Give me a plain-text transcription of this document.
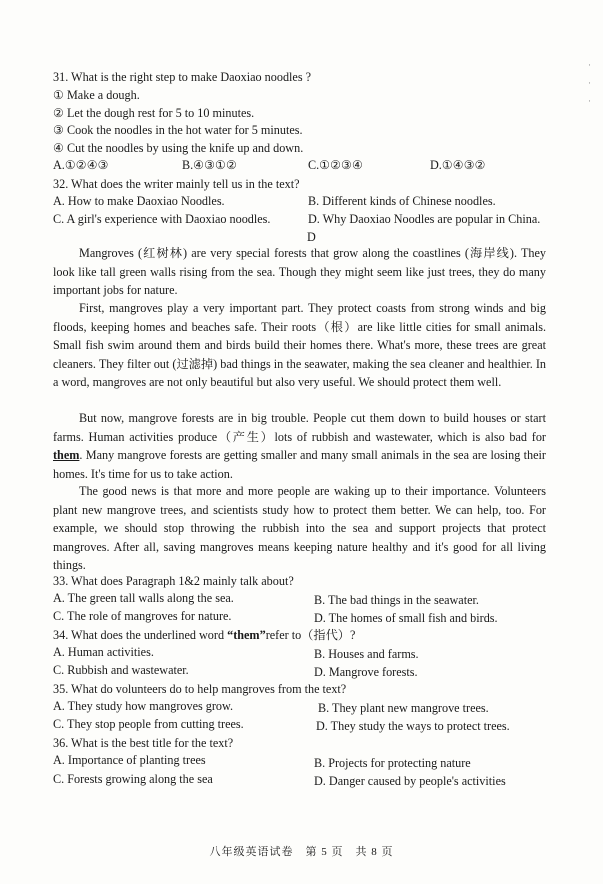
31. What is the right step to make Daoxiao noodles ?
① Make a dough.
② Let the dough rest for 5 to 10 minutes.
③ Cook the noodles in the hot water for 5 minutes.
④ Cut the noodles by using the knife up and down.
A.①②④③	B.④③①②	C.①②③④	D.①④③②
32. What does the writer mainly tell us in the text?
A. How to make Daoxiao Noodles.	B. Different kinds of Chinese noodles.
C. A girl's experience with Daoxiao noodles.	D. Why Daoxiao Noodles are popular in China.
D
Mangroves (红树林) are very special forests that grow along the coastlines (海岸线). They look like tall green walls rising from the sea. Though they might seem like just trees, they do many important jobs for nature.
First, mangroves play a very important part. They protect coasts from strong winds and big floods, keeping homes and beaches safe. Their roots（根）are like little cities for small animals. Small fish swim around them and birds build their homes there. What's more, these trees are great cleaners. They filter out (过滤掉) bad things in the seawater, making the sea cleaner and healthier. In a word, mangroves are not only beautiful but also very useful. We should protect them well.
But now, mangrove forests are in big trouble. People cut them down to build houses or start farms. Human activities produce（产生）lots of rubbish and wastewater, which is also bad for them. Many mangrove forests are getting smaller and many small animals in the sea are losing their homes. It's time for us to take action.
The good news is that more and more people are waking up to their importance. Volunteers plant new mangrove trees, and scientists study how to protect them better. We can help, too. For example, we should stop throwing the rubbish into the sea and support projects that protect mangroves. After all, saving mangroves means keeping nature healthy and it's good for all living things.
33. What does Paragraph 1&2 mainly talk about?
A. The green tall walls along the sea.	B. The bad things in the seawater.
C. The role of mangroves for nature.	D. The homes of small fish and birds.
34. What does the underlined word “them”refer to（指代）?
A. Human activities.	B. Houses and farms.
C. Rubbish and wastewater.	D. Mangrove forests.
35. What do volunteers do to help mangroves from the text?
A. They study how mangroves grow.	B. They plant new mangrove trees.
C. They stop people from cutting trees.	D. They study the ways to protect trees.
36. What is the best title for the text?
A. Importance of planting trees	B. Projects for protecting nature
C. Forests growing along the sea	D. Danger caused by people's activities
·
·
·
八年级英语试卷　第 5 页　共 8 页
